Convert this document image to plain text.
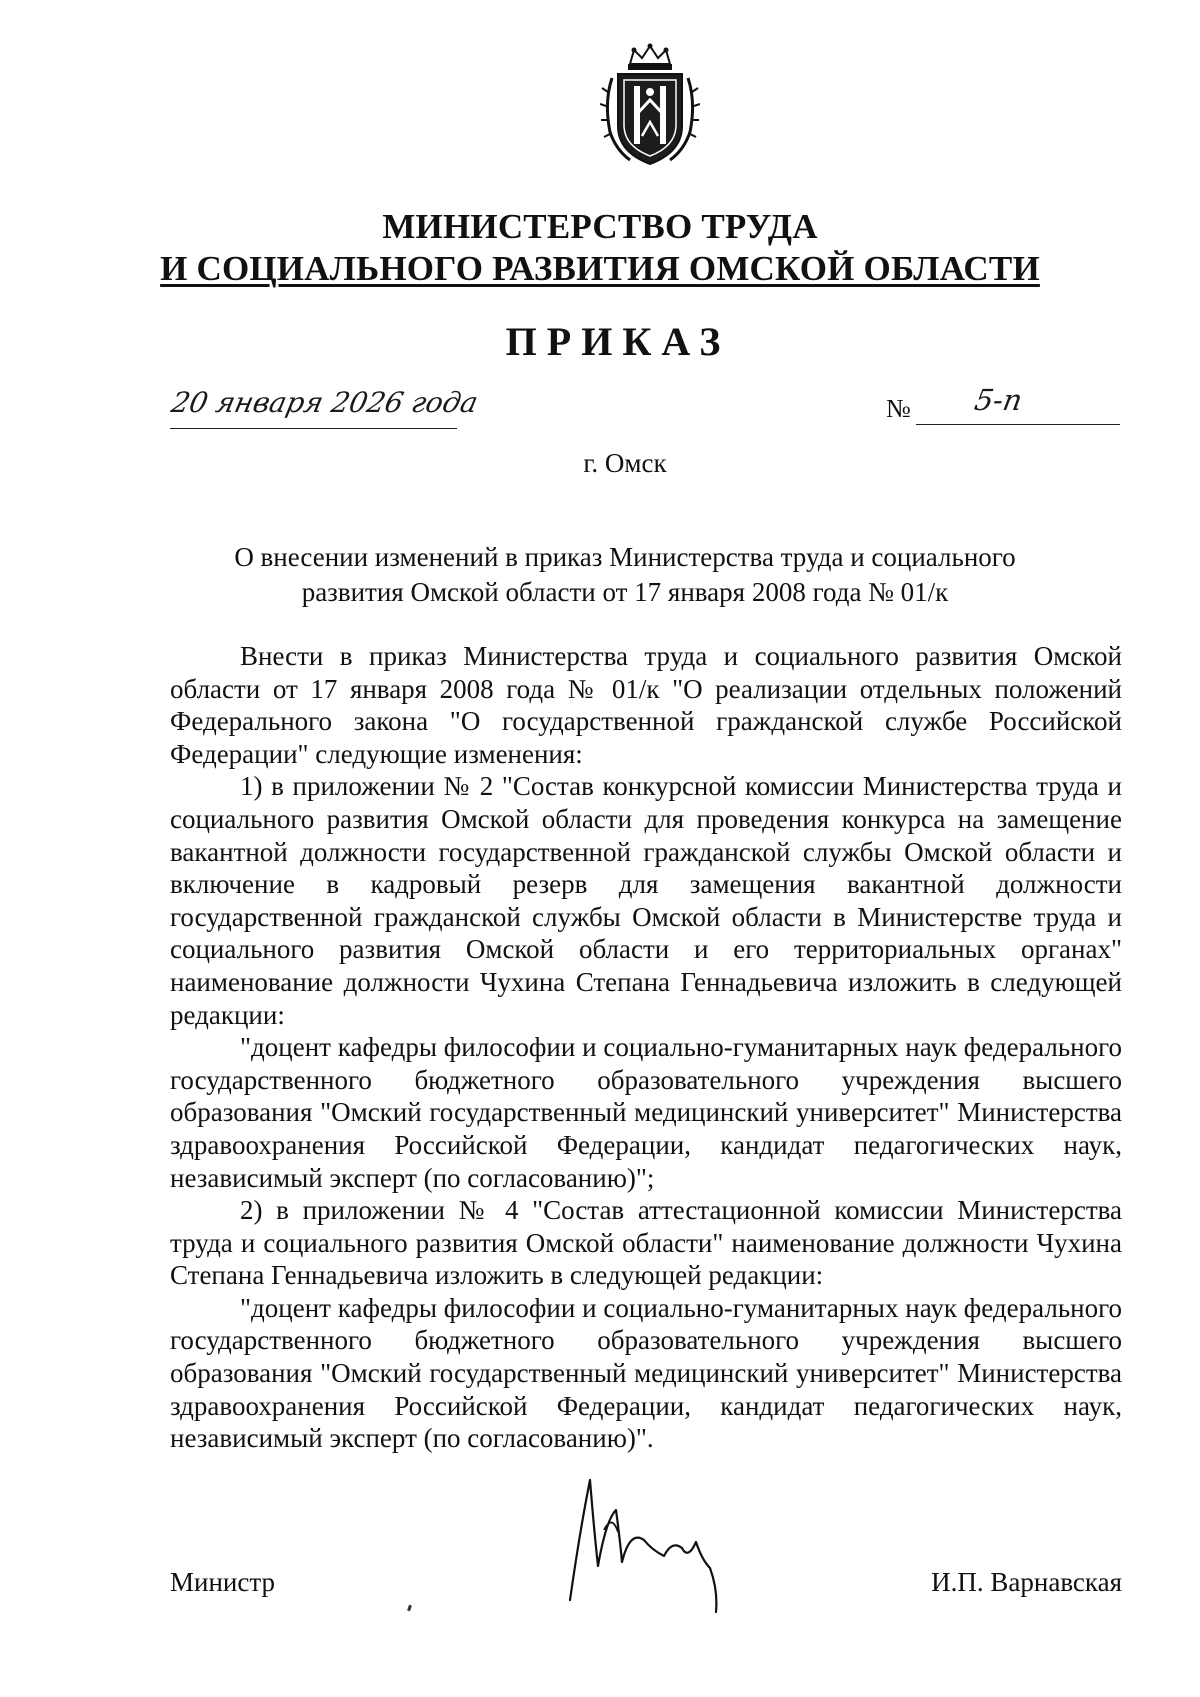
МИНИСТЕРСТВО ТРУДА
И СОЦИАЛЬНОГО РАЗВИТИЯ ОМСКОЙ ОБЛАСТИ
ПРИКАЗ
20 января 2026 года	№ 5-п
г. Омск
О внесении изменений в приказ Министерства труда и социального
развития Омской области от 17 января 2008 года № 01/к

Внести в приказ Министерства труда и социального развития Омской области от 17 января 2008 года № 01/к "О реализации отдельных положений Федерального закона "О государственной гражданской службе Российской Федерации" следующие изменения:

1) в приложении № 2 "Состав конкурсной комиссии Министерства труда и социального развития Омской области для проведения конкурса на замещение вакантной должности государственной гражданской службы Омской области и включение в кадровый резерв для замещения вакантной должности государственной гражданской службы Омской области в Министерстве труда и социального развития Омской области и его территориальных органах" наименование должности Чухина Степана Геннадьевича изложить в следующей редакции:

"доцент кафедры философии и социально-гуманитарных наук федерального государственного бюджетного образовательного учреждения высшего образования "Омский государственный медицинский университет" Министерства здравоохранения Российской Федерации, кандидат педагогических наук, независимый эксперт (по согласованию)";

2) в приложении № 4 "Состав аттестационной комиссии Министерства труда и социального развития Омской области" наименование должности Чухина Степана Геннадьевича изложить в следующей редакции:

"доцент кафедры философии и социально-гуманитарных наук федерального государственного бюджетного образовательного учреждения высшего образования "Омский государственный медицинский университет" Министерства здравоохранения Российской Федерации, кандидат педагогических наук, независимый эксперт (по согласованию)".

Министр	И.П. Варнавская
